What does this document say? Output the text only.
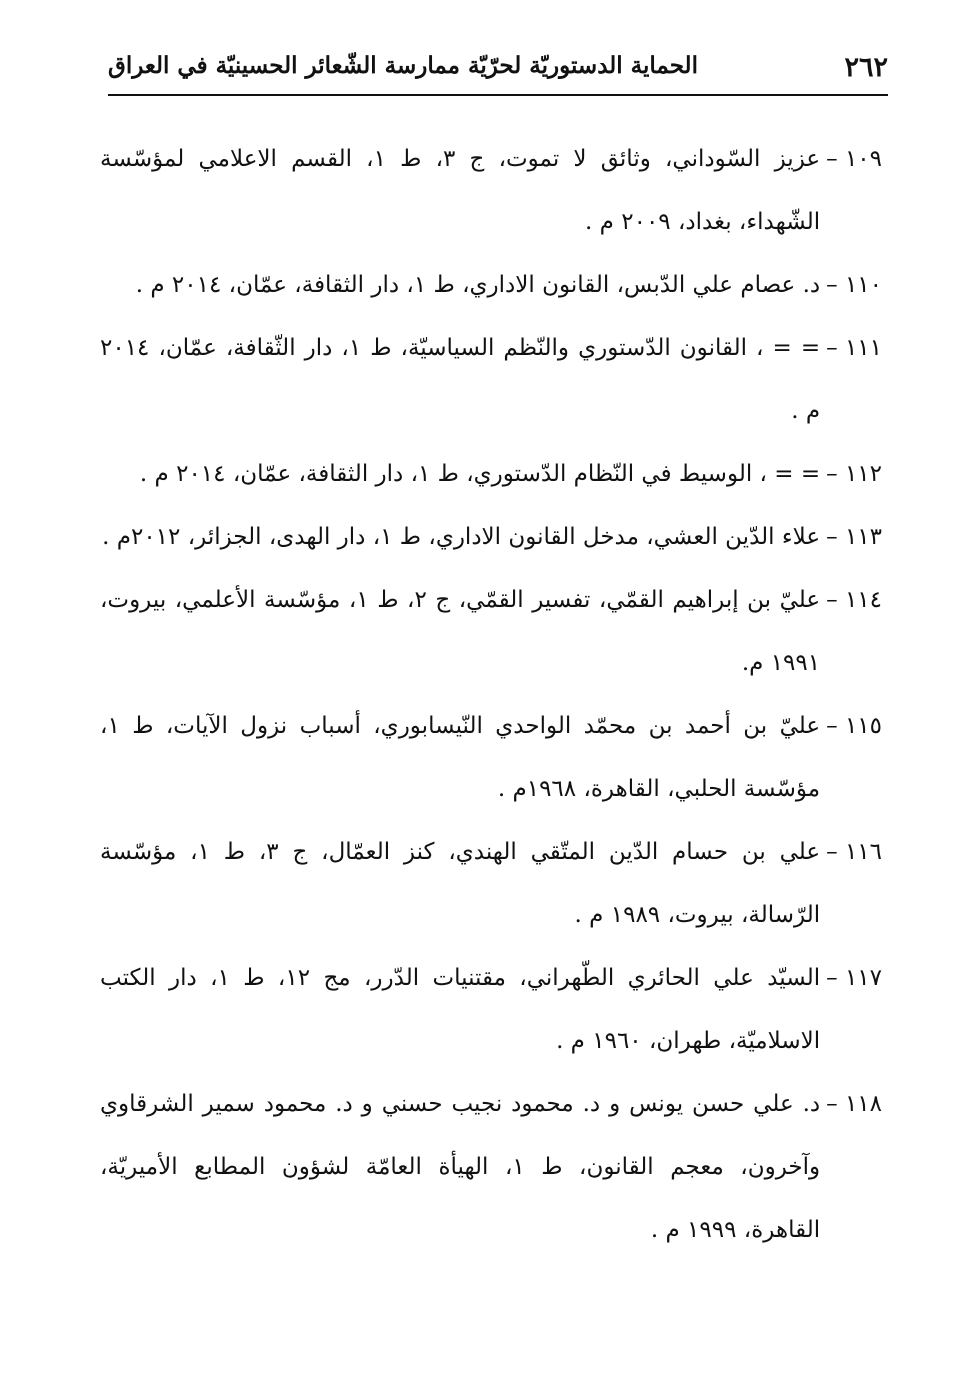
٢٦٢
الحماية الدستوريّة لحرّيّة ممارسة الشّعائر الحسينيّة في العراق
١٠٩ –
عزيز السّوداني، وثائق لا تموت، ج ٣، ط ١، القسم الاعلامي لمؤسّسة الشّهداء، بغداد، ٢٠٠٩ م .
١١٠ –
د. عصام علي الدّبس، القانون الاداري، ط ١، دار الثقافة، عمّان، ٢٠١٤ م .
١١١ –
= = ، القانون الدّستوري والنّظم السياسيّة، ط ١، دار الثّقافة، عمّان، ٢٠١٤ م .
١١٢ –
= = ، الوسيط في النّظام الدّستوري، ط ١، دار الثقافة، عمّان، ٢٠١٤ م .
١١٣ –
علاء الدّين العشي، مدخل القانون الاداري، ط ١، دار الهدى، الجزائر، ٢٠١٢م .
١١٤ –
عليّ بن إبراهيم القمّي، تفسير القمّي، ج ٢، ط ١، مؤسّسة الأعلمي، بيروت، ١٩٩١ م.
١١٥ –
عليّ بن أحمد بن محمّد الواحدي النّيسابوري، أسباب نزول الآيات، ط ١، مؤسّسة الحلبي، القاهرة، ١٩٦٨م .
١١٦ –
علي بن حسام الدّين المتّقي الهندي، كنز العمّال، ج ٣، ط ١، مؤسّسة الرّسالة، بيروت، ١٩٨٩ م .
١١٧ –
السيّد علي الحائري الطّهراني، مقتنيات الدّرر، مج ١٢، ط ١، دار الكتب الاسلاميّة، طهران، ١٩٦٠ م .
١١٨ –
د. علي حسن يونس و د. محمود نجيب حسني و د. محمود سمير الشرقاوي وآخرون، معجم القانون، ط ١، الهيأة العامّة لشؤون المطابع الأميريّة، القاهرة، ١٩٩٩ م .
